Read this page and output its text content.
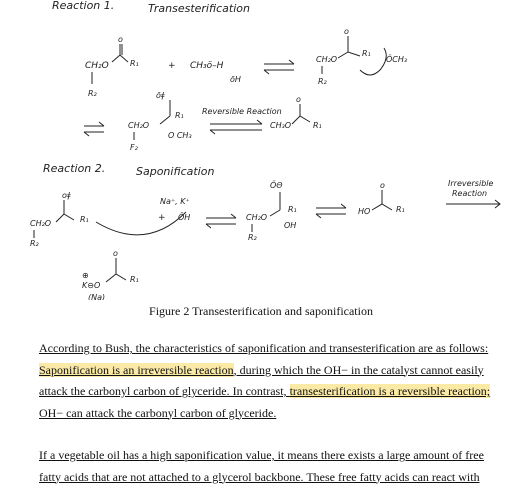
Reaction 1.	Transesterification
CH₂O
o
R₁
R₂
+ CH₃ö–H
ōH
CH₂O
o
R₁
ÖCH₃
R₂
CH₂O
ōǂ
R₁
O CH₃
F₂
Reversible Reaction
CH₃O
o
R₁
Reaction 2.	Saponification
CH₂O
oǂ
R₁
R₂
Na⁺, K⁺
+ ŌH	CH₂O
ÖΘ
R₁
OH
R₂
HO
o
R₁
Irreversible
Reaction
⊕
K⊖O
o
R₁
(Na)
Figure 2 Transesterification and saponification
According to Bush, the characteristics of saponification and transesterification are as follows:
Saponification is an irreversible reaction, during which the OH− in the catalyst cannot easily
attack the carbonyl carbon of glyceride. In contrast, transesterification is a reversible reaction;
OH− can attack the carbonyl carbon of glyceride.
If a vegetable oil has a high saponification value, it means there exists a large amount of free
fatty acids that are not attached to a glycerol backbone. These free fatty acids can react with
